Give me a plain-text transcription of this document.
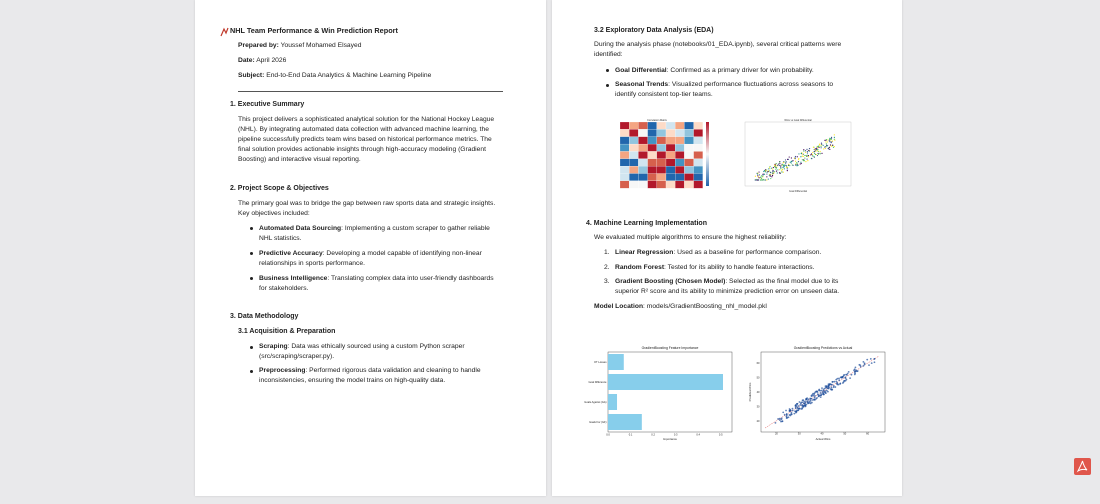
NHL Team Performance & Win Prediction Report
Prepared by: Youssef Mohamed Elsayed
Date: April 2026
Subject: End-to-End Data Analytics & Machine Learning Pipeline
1. Executive Summary
This project delivers a sophisticated analytical solution for the National Hockey League
(NHL). By integrating automated data collection with advanced machine learning, the
pipeline successfully predicts team wins based on historical performance metrics. The
final solution provides actionable insights through high-accuracy modeling (Gradient
Boosting) and interactive visual reporting.
2. Project Scope & Objectives
The primary goal was to bridge the gap between raw sports data and strategic insights.
Key objectives included:
Automated Data Sourcing: Implementing a custom scraper to gather reliable
NHL statistics.
Predictive Accuracy: Developing a model capable of identifying non-linear
relationships in sports performance.
Business Intelligence: Translating complex data into user-friendly dashboards
for stakeholders.
3. Data Methodology
3.1 Acquisition & Preparation
Scraping: Data was ethically sourced using a custom Python scraper
(src/scraping/scraper.py).
Preprocessing: Performed rigorous data validation and cleaning to handle
inconsistencies, ensuring the model trains on high-quality data.
3.2 Exploratory Data Analysis (EDA)
During the analysis phase (notebooks/01_EDA.ipynb), several critical patterns were
identified:
Goal Differential: Confirmed as a primary driver for win probability.
Seasonal Trends: Visualized performance fluctuations across seasons to
identify consistent top-tier teams.
Correlation Matrix	Wins vs Goal Differential
Goal Differential
4. Machine Learning Implementation
We evaluated multiple algorithms to ensure the highest reliability:
1. Linear Regression: Used as a baseline for performance comparison.
2. Random Forest: Tested for its ability to handle feature interactions.
3. Gradient Boosting (Chosen Model): Selected as the final model due to its
superior R² score and its ability to minimize prediction error on unseen data.
Model Location: models/GradientBoosting_nhl_model.pkl
GradientBoosting Feature Importance
OT Losses
Goal Difference
Goals Against (GA)
Goals For (GF)
0.0	0.1	0.2	0.3	0.4	0.5
Importance
GradientBoosting Predictions vs Actual
20
20
30
30
40
40
50
50
60
60
Actual Wins
Predicted Wins
